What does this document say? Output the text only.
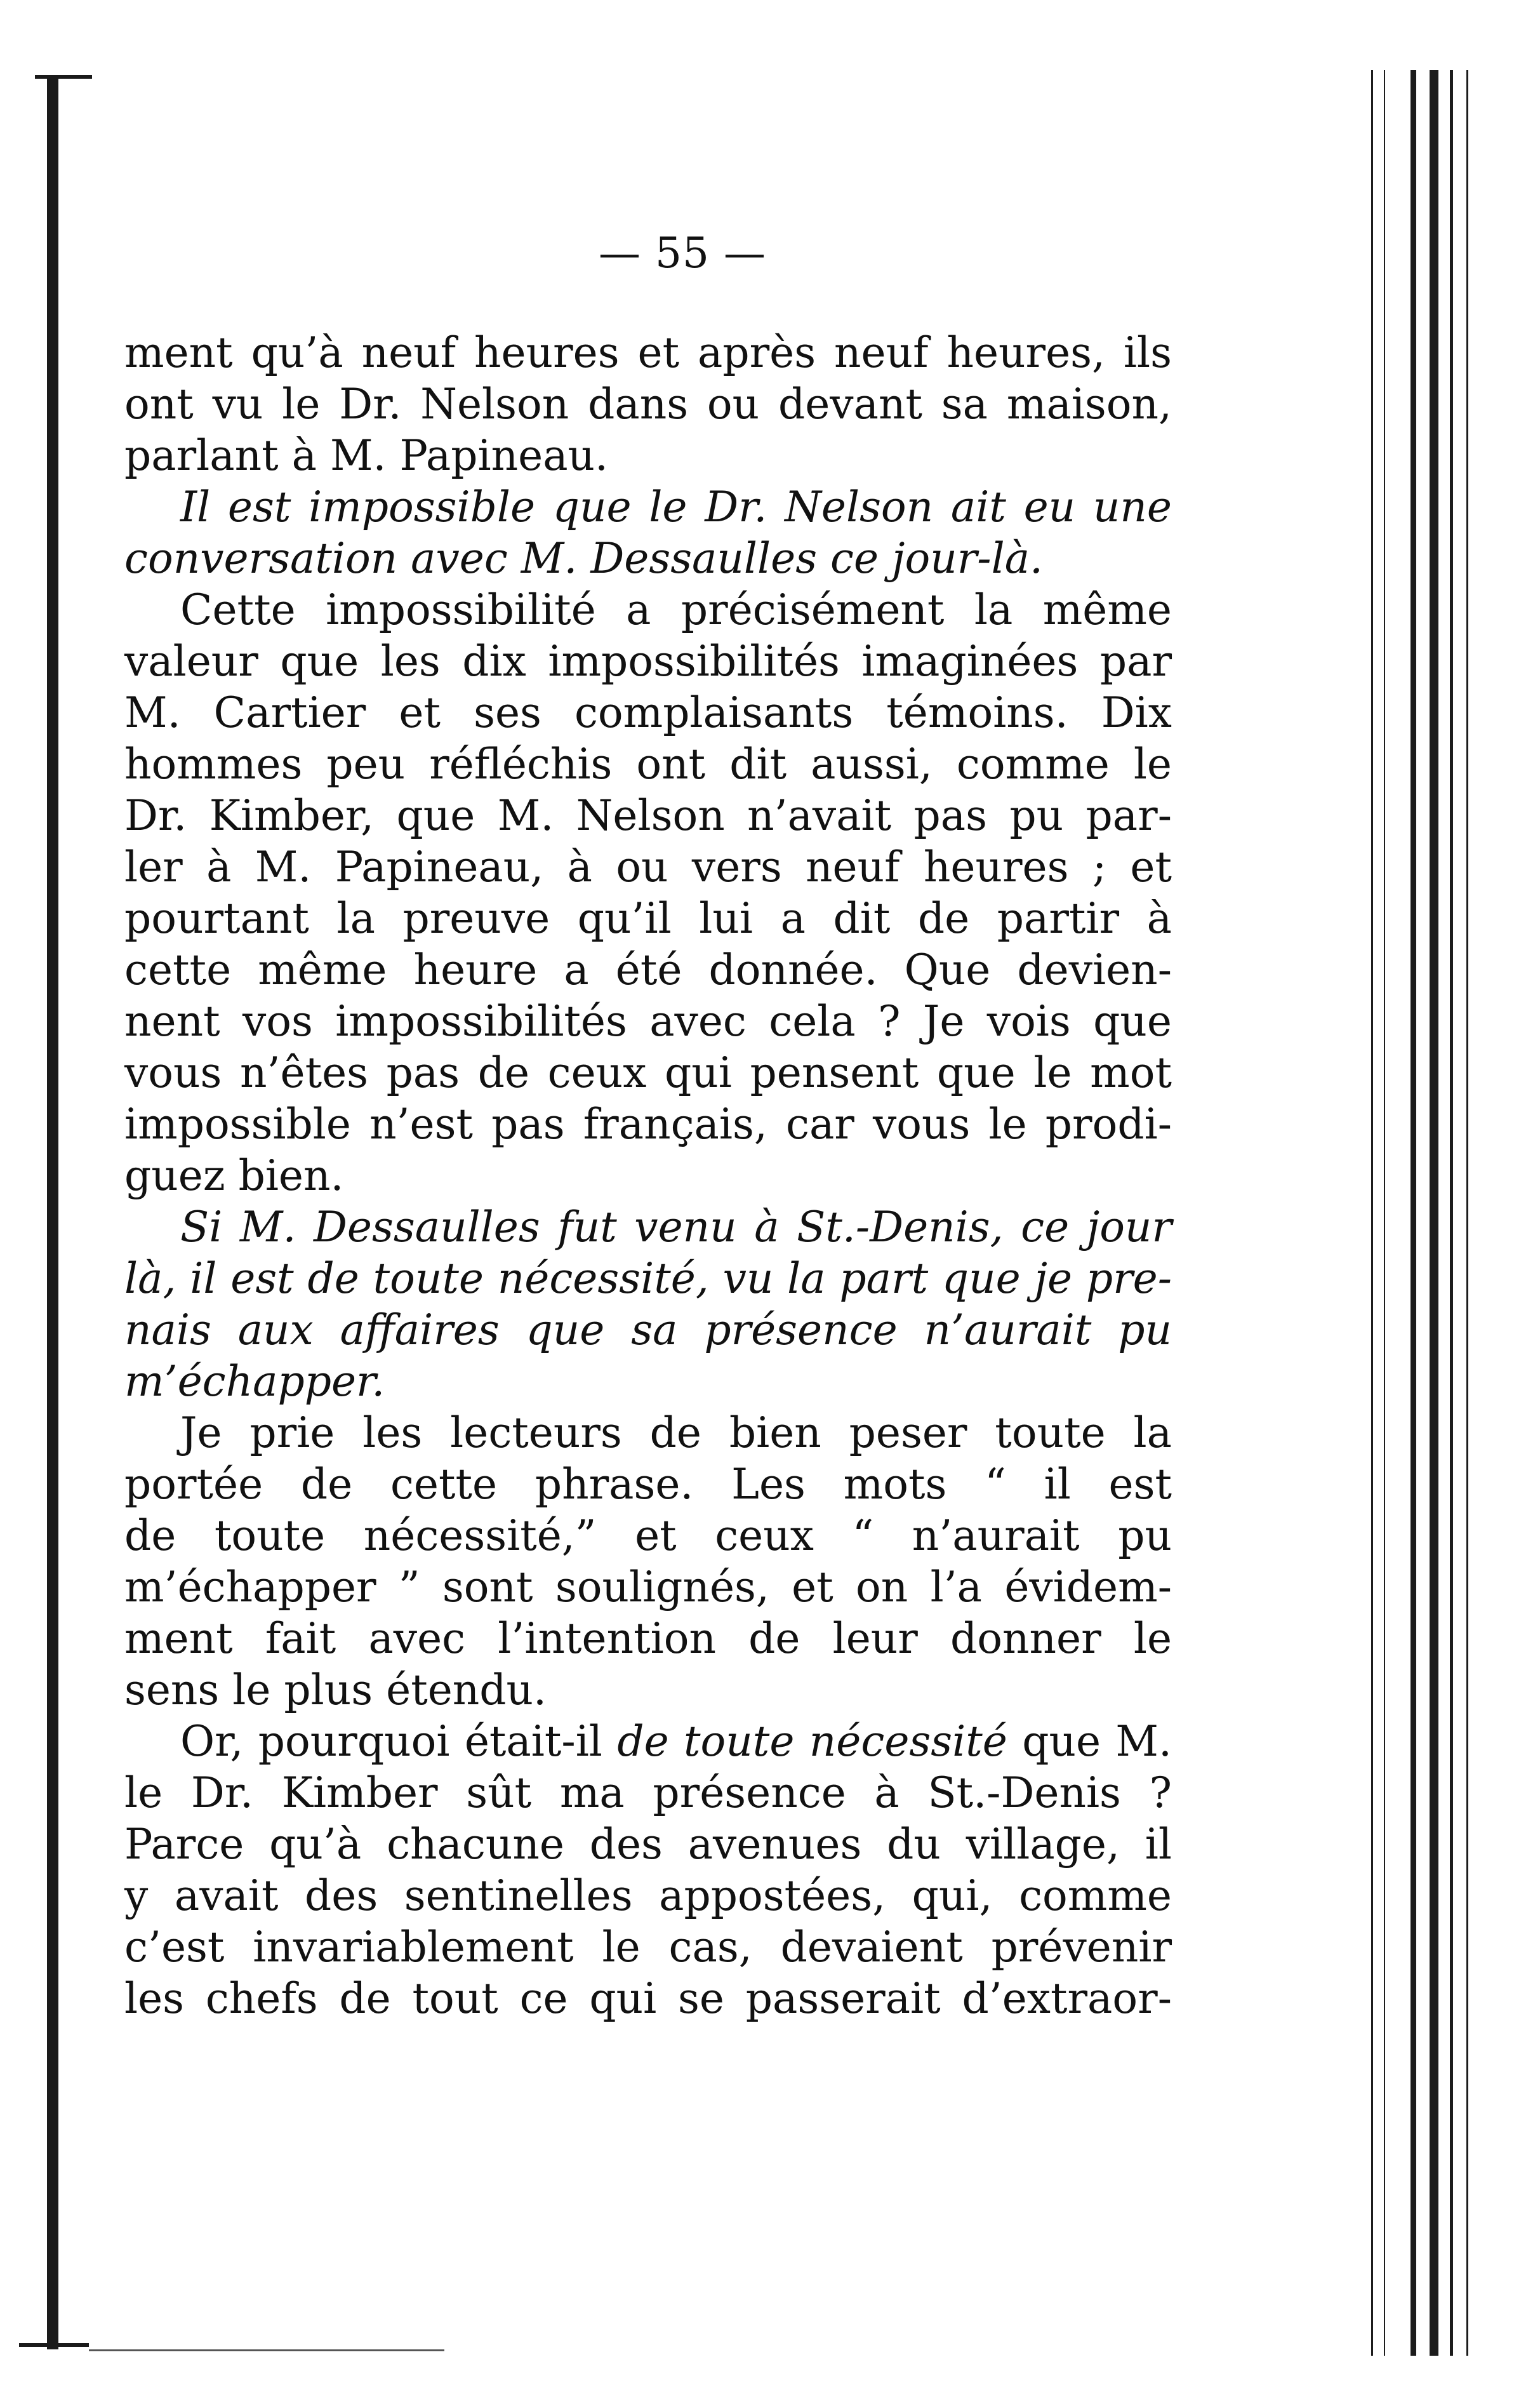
— 55 —
ment qu’à neuf heures et après neuf heures, ils
ont vu le Dr. Nelson dans ou devant sa maison,
parlant à M. Papineau.
Il est impossible que le Dr. Nelson ait eu une
conversation avec M. Dessaulles ce jour-là.
Cette impossibilité a précisément la même
valeur que les dix impossibilités imaginées par
M. Cartier et ses complaisants témoins. Dix
hommes peu réfléchis ont dit aussi, comme le
Dr. Kimber, que M. Nelson n’avait pas pu par-
ler à M. Papineau, à ou vers neuf heures ; et
pourtant la preuve qu’il lui a dit de partir à
cette même heure a été donnée. Que devien-
nent vos impossibilités avec cela ? Je vois que
vous n’êtes pas de ceux qui pensent que le mot
impossible n’est pas français, car vous le prodi-
guez bien.
Si M. Dessaulles fut venu à St.-Denis, ce jour
là, il est de toute nécessité, vu la part que je pre-
nais aux affaires que sa présence n’aurait pu
m’échapper.
Je prie les lecteurs de bien peser toute la
portée de cette phrase. Les mots “ il est
de toute nécessité,” et ceux “ n’aurait pu
m’échapper ” sont soulignés, et on l’a évidem-
ment fait avec l’intention de leur donner le
sens le plus étendu.
Or, pourquoi était-il de toute nécessité que M.
le Dr. Kimber sût ma présence à St.-Denis ?
Parce qu’à chacune des avenues du village, il
y avait des sentinelles appostées, qui, comme
c’est invariablement le cas, devaient prévenir
les chefs de tout ce qui se passerait d’extraor-
